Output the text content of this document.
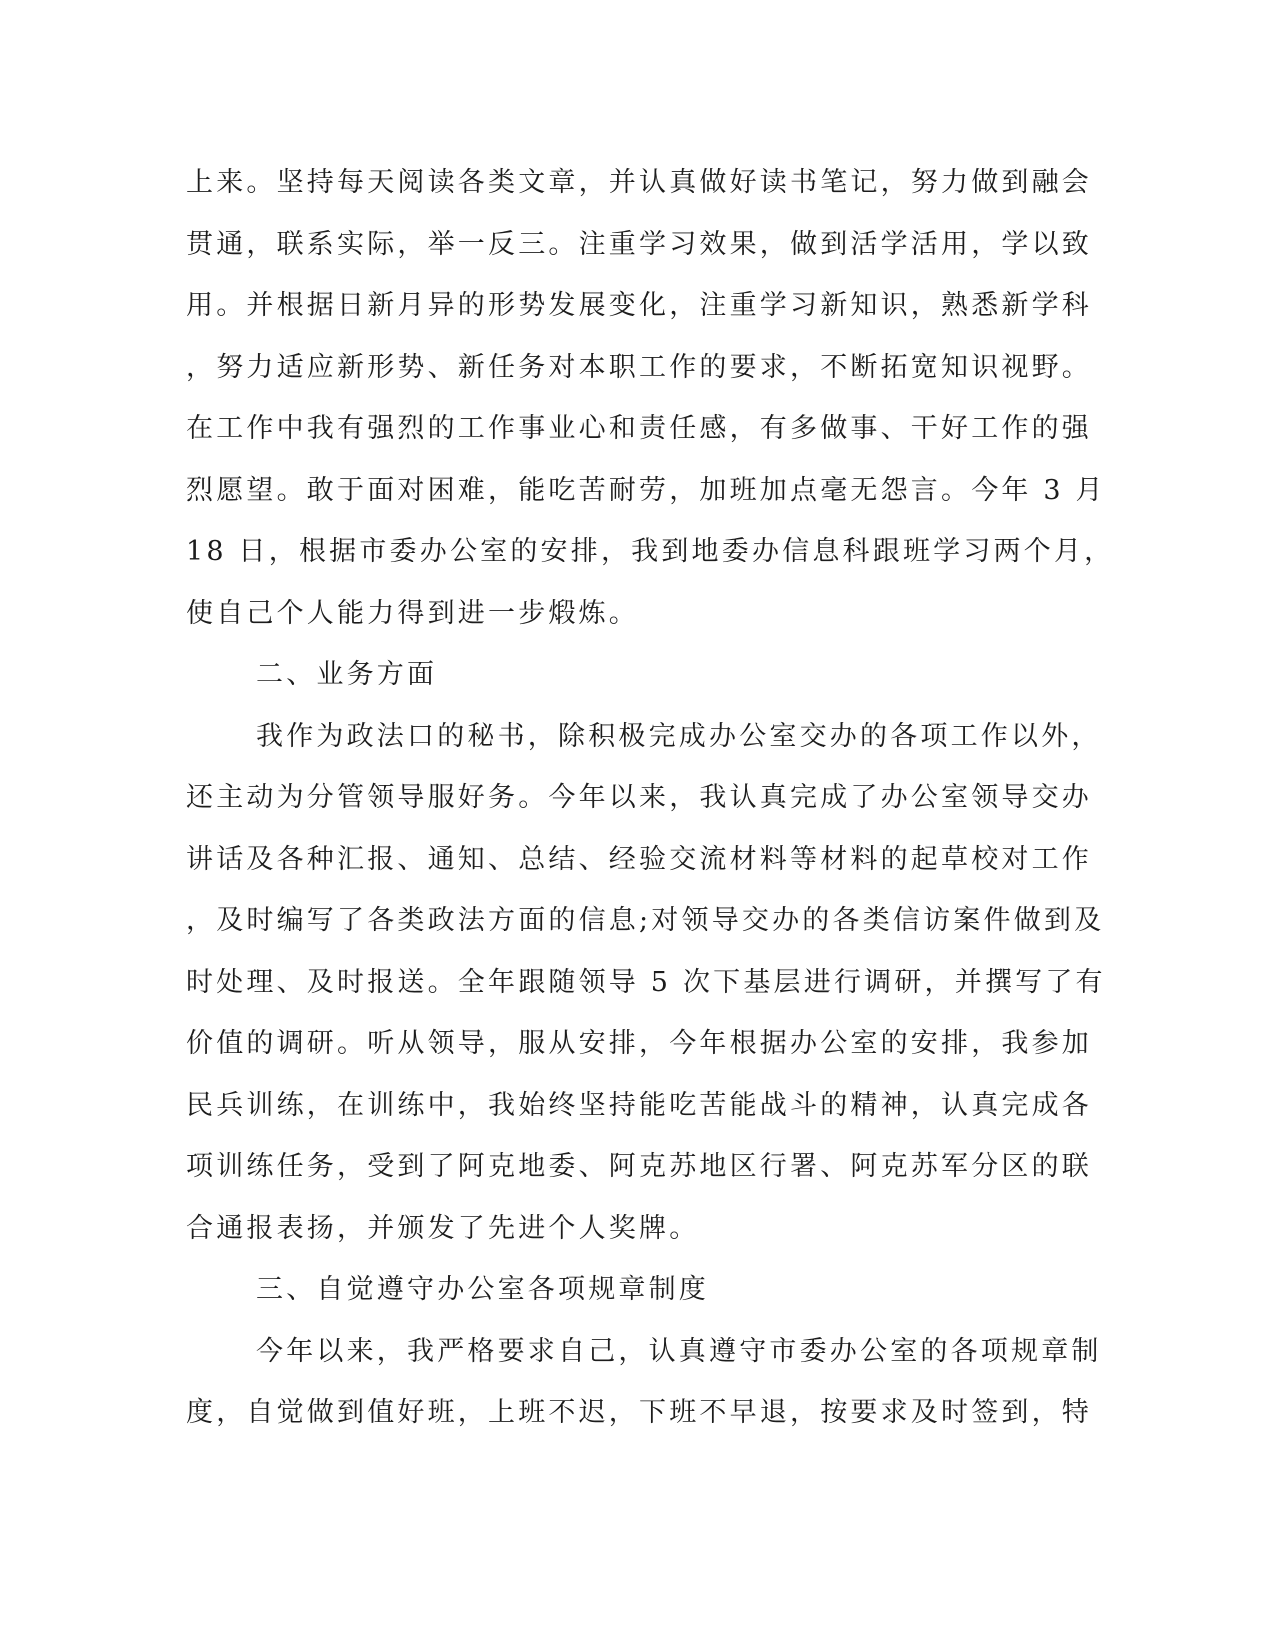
上来。坚持每天阅读各类文章，并认真做好读书笔记，努力做到融会
贯通，联系实际，举一反三。注重学习效果，做到活学活用，学以致
用。并根据日新月异的形势发展变化，注重学习新知识，熟悉新学科
，努力适应新形势、新任务对本职工作的要求，不断拓宽知识视野。
在工作中我有强烈的工作事业心和责任感，有多做事、干好工作的强
烈愿望。敢于面对困难，能吃苦耐劳，加班加点毫无怨言。今年 3 月
18 日，根据市委办公室的安排，我到地委办信息科跟班学习两个月，
使自己个人能力得到进一步煅炼。
二、业务方面
我作为政法口的秘书，除积极完成办公室交办的各项工作以外，
还主动为分管领导服好务。今年以来，我认真完成了办公室领导交办
讲话及各种汇报、通知、总结、经验交流材料等材料的起草校对工作
，及时编写了各类政法方面的信息;对领导交办的各类信访案件做到及
时处理、及时报送。全年跟随领导 5 次下基层进行调研，并撰写了有
价值的调研。听从领导，服从安排，今年根据办公室的安排，我参加
民兵训练，在训练中，我始终坚持能吃苦能战斗的精神，认真完成各
项训练任务，受到了阿克地委、阿克苏地区行署、阿克苏军分区的联
合通报表扬，并颁发了先进个人奖牌。
三、自觉遵守办公室各项规章制度
今年以来，我严格要求自己，认真遵守市委办公室的各项规章制
度，自觉做到值好班，上班不迟，下班不早退，按要求及时签到，特
